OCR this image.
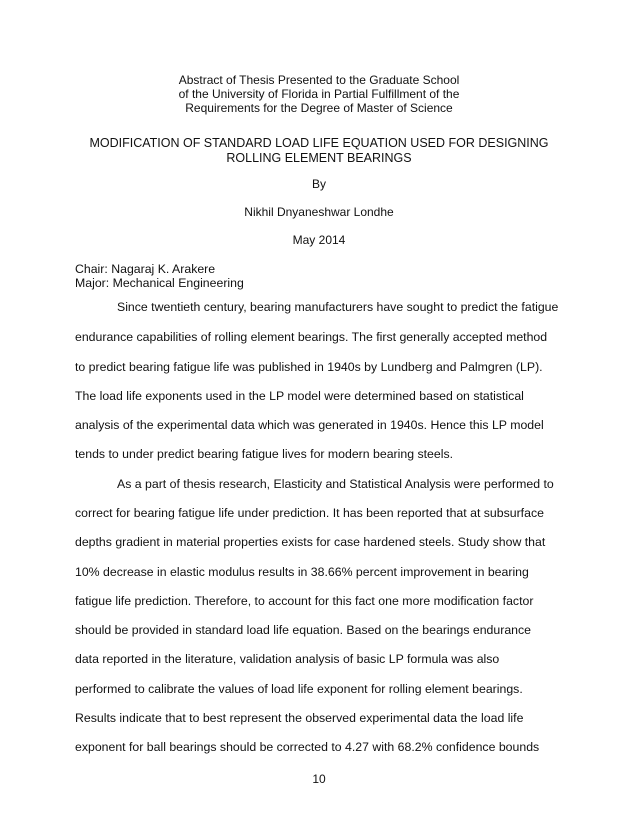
Abstract of Thesis Presented to the Graduate School
of the University of Florida in Partial Fulfillment of the
Requirements for the Degree of Master of Science
MODIFICATION OF STANDARD LOAD LIFE EQUATION USED FOR DESIGNING
ROLLING ELEMENT BEARINGS
By
Nikhil Dnyaneshwar Londhe
May 2014
Chair: Nagaraj K. Arakere
Major: Mechanical Engineering
Since twentieth century, bearing manufacturers have sought to predict the fatigue
endurance capabilities of rolling element bearings. The first generally accepted method
to predict bearing fatigue life was published in 1940s by Lundberg and Palmgren (LP).
The load life exponents used in the LP model were determined based on statistical
analysis of the experimental data which was generated in 1940s. Hence this LP model
tends to under predict bearing fatigue lives for modern bearing steels.
As a part of thesis research, Elasticity and Statistical Analysis were performed to
correct for bearing fatigue life under prediction. It has been reported that at subsurface
depths gradient in material properties exists for case hardened steels. Study show that
10% decrease in elastic modulus results in 38.66% percent improvement in bearing
fatigue life prediction. Therefore, to account for this fact one more modification factor
should be provided in standard load life equation. Based on the bearings endurance
data reported in the literature, validation analysis of basic LP formula was also
performed to calibrate the values of load life exponent for rolling element bearings.
Results indicate that to best represent the observed experimental data the load life
exponent for ball bearings should be corrected to 4.27 with 68.2% confidence bounds
10
